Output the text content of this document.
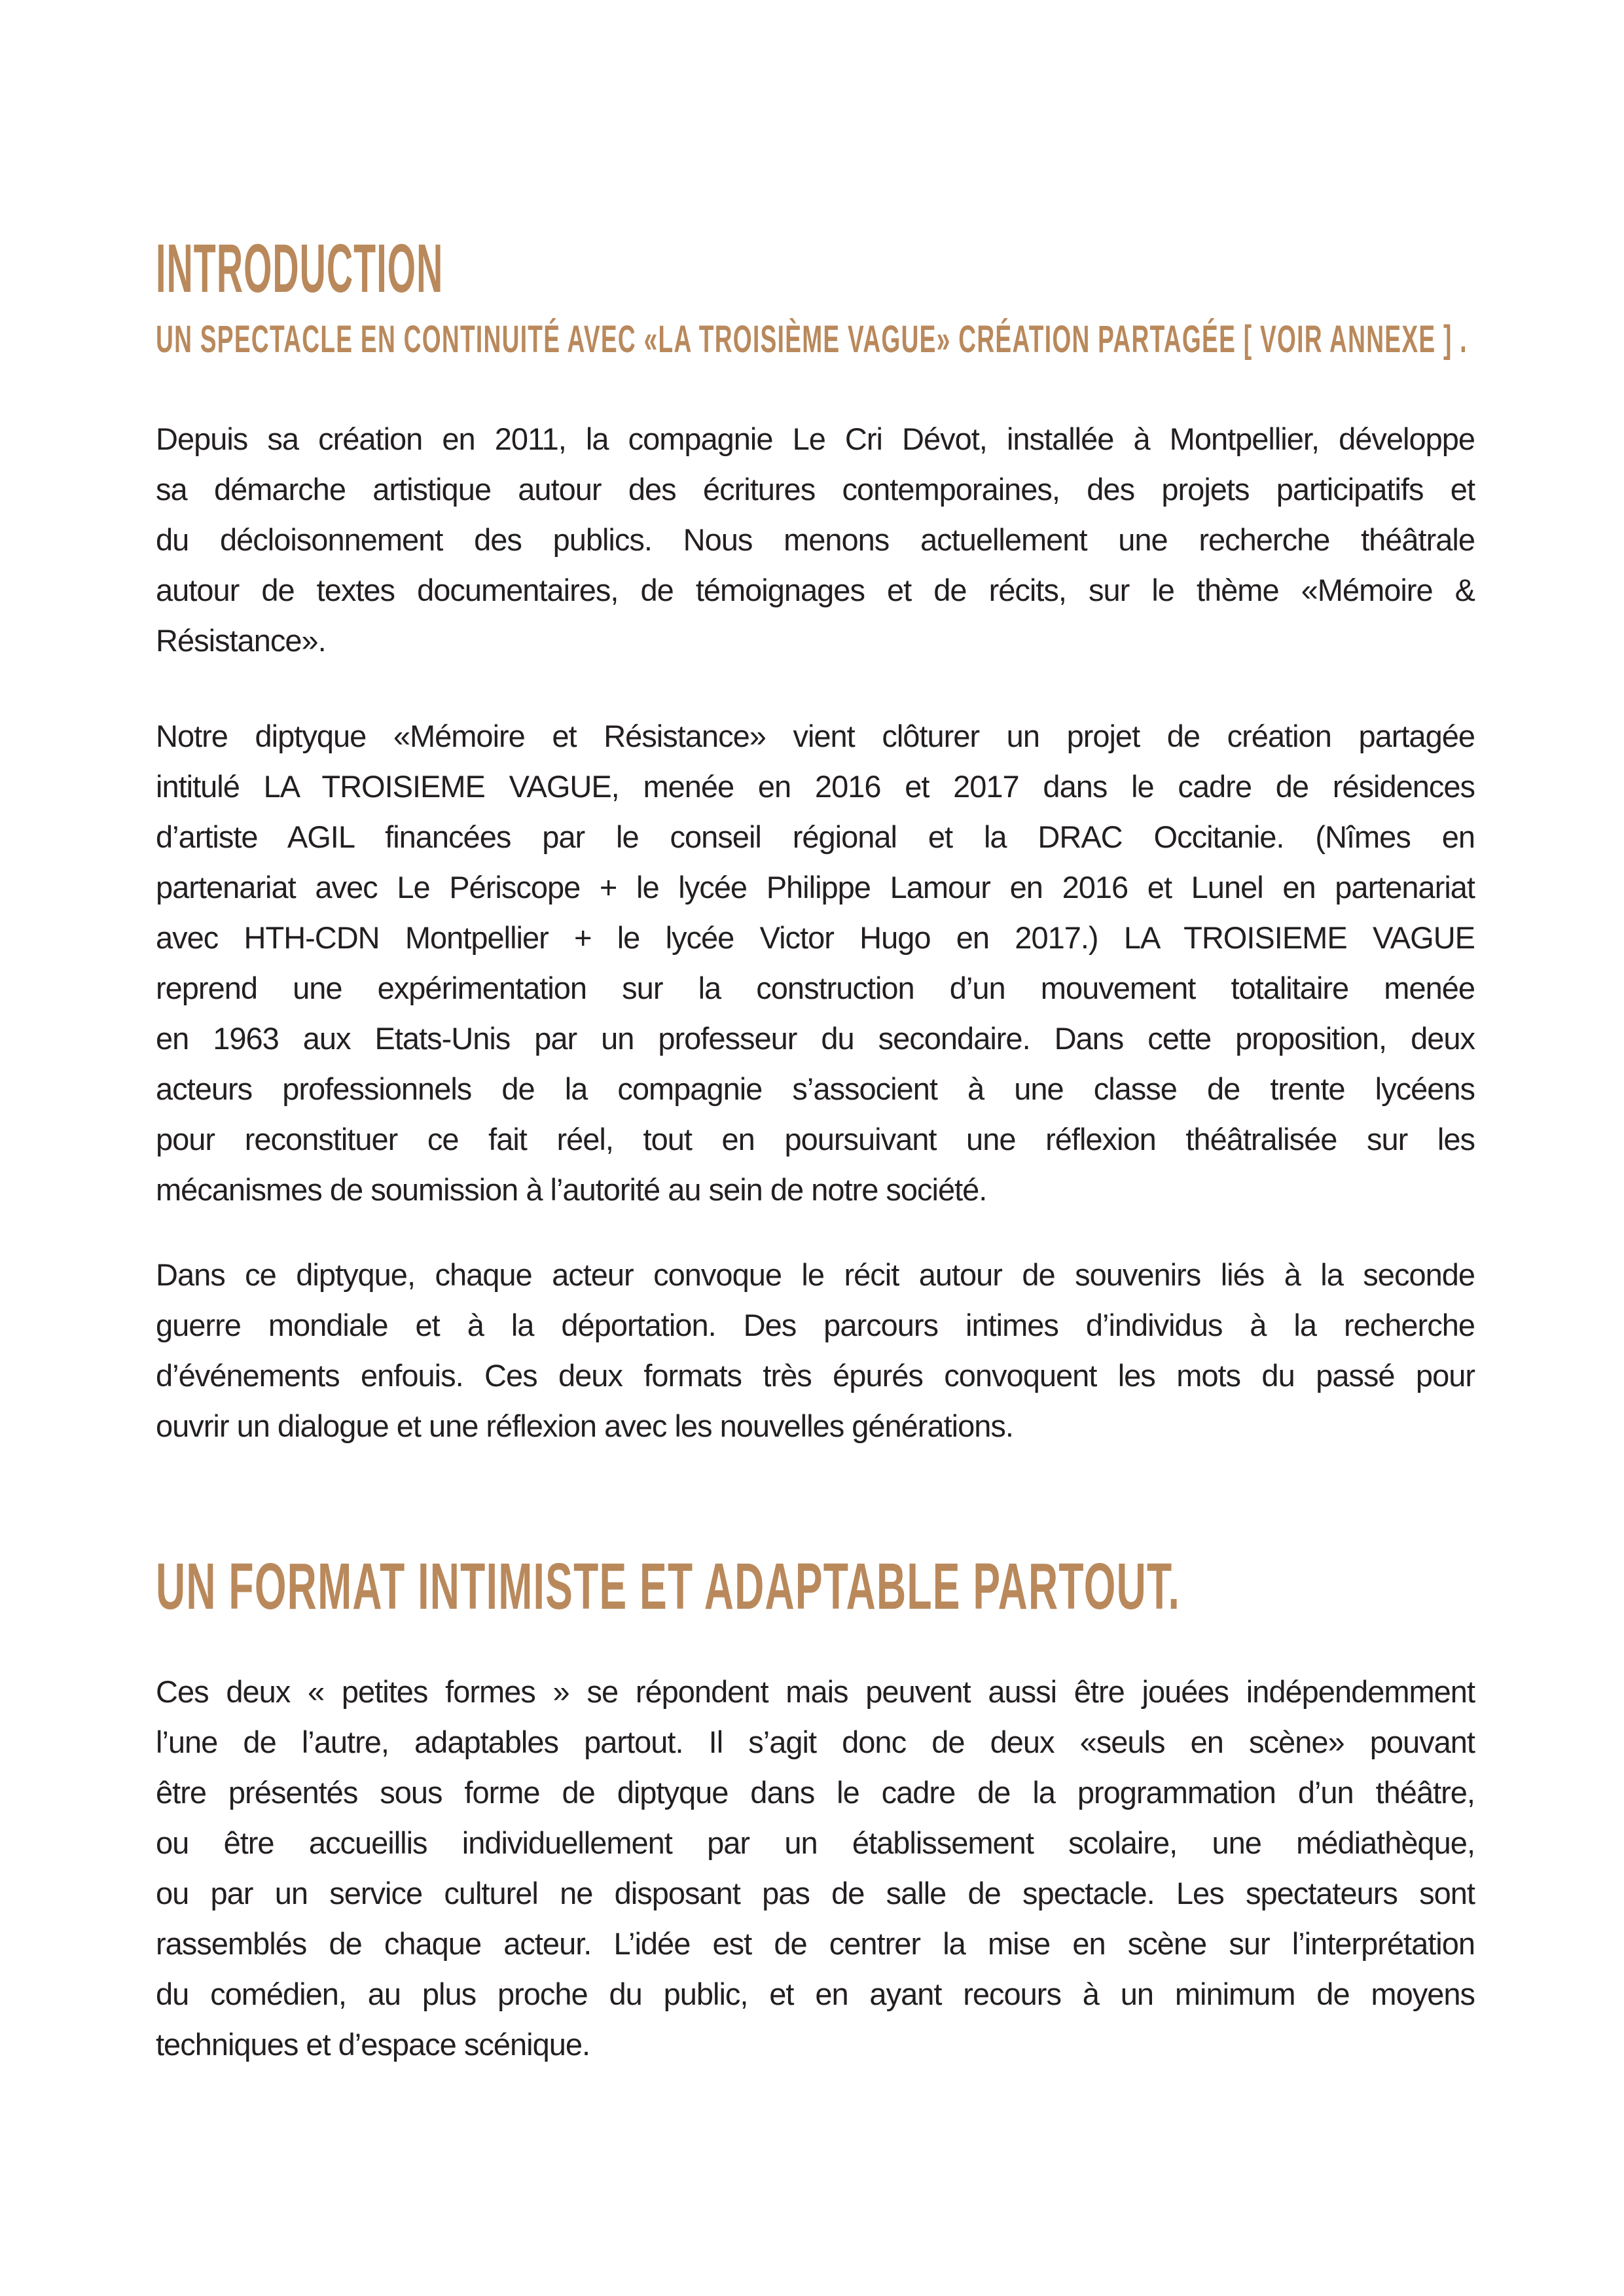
INTRODUCTION
UN SPECTACLE EN CONTINUITÉ AVEC «LA TROISIÈME VAGUE» CRÉATION PARTAGÉE [ VOIR ANNEXE ] .
Depuis sa création en 2011, la compagnie Le Cri Dévot, installée à Montpellier, développe
sa démarche artistique autour des écritures contemporaines, des projets participatifs et
du décloisonnement des publics. Nous menons actuellement une recherche théâtrale
autour de textes documentaires, de témoignages et de récits, sur le thème «Mémoire &
Résistance».
Notre diptyque «Mémoire et Résistance» vient clôturer un projet de création partagée
intitulé LA TROISIEME VAGUE, menée en 2016 et 2017 dans le cadre de résidences
d’artiste AGIL financées par le conseil régional et la DRAC Occitanie. (Nîmes en
partenariat avec Le Périscope + le lycée Philippe Lamour en 2016 et Lunel en partenariat
avec HTH-CDN Montpellier + le lycée Victor Hugo en 2017.) LA TROISIEME VAGUE
reprend une expérimentation sur la construction d’un mouvement totalitaire menée
en 1963 aux Etats-Unis par un professeur du secondaire. Dans cette proposition, deux
acteurs professionnels de la compagnie s’associent à une classe de trente lycéens
pour reconstituer ce fait réel, tout en poursuivant une réflexion théâtralisée sur les
mécanismes de soumission à l’autorité au sein de notre société.
Dans ce diptyque, chaque acteur convoque le récit autour de souvenirs liés à la seconde
guerre mondiale et à la déportation. Des parcours intimes d’individus à la recherche
d’événements enfouis. Ces deux formats très épurés convoquent les mots du passé pour
ouvrir un dialogue et une réflexion avec les nouvelles générations.
UN FORMAT INTIMISTE ET ADAPTABLE PARTOUT.
Ces deux « petites formes » se répondent mais peuvent aussi être jouées indépendemment
l’une de l’autre, adaptables partout. Il s’agit donc de deux «seuls en scène» pouvant
être présentés sous forme de diptyque dans le cadre de la programmation d’un théâtre,
ou être accueillis individuellement par un établissement scolaire, une médiathèque,
ou par un service culturel ne disposant pas de salle de spectacle. Les spectateurs sont
rassemblés de chaque acteur. L’idée est de centrer la mise en scène sur l’interprétation
du comédien, au plus proche du public, et en ayant recours à un minimum de moyens
techniques et d’espace scénique.
